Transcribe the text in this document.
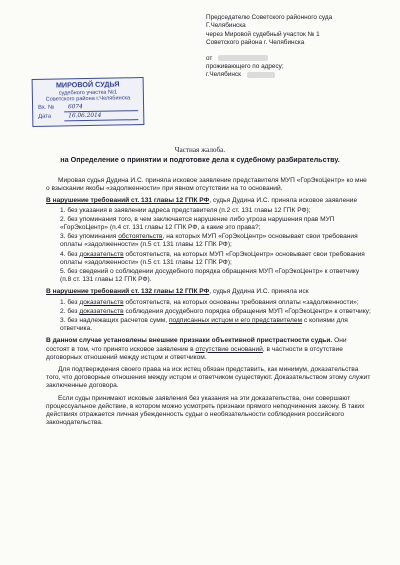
Председателю Советского районного суда
Г.Челябинска
через Мировой судебный участок № 1
Советского района г. Челябинска
от
проживающего по адресу;
г.Челябинск
МИРОВОЙ СУДЬЯ
судебного участка №1
Советского района г.Челябинска
Вх. №	6074
Дата	16.06.2014
Частная жалоба.
на Определение о принятии и подготовке дела к судебному разбирательству.

Мировая судья Дудина И.С. приняла исковое заявление представителя МУП «ГорЭкоЦентр» ко мне о взыскании якобы «задолженности» при явном отсутствии на то оснований.

В нарушение требований ст. 131 главы 12 ГПК РФ, судья Дудина И.С. приняла исковое заявление

1. без указания в заявлении адреса представителя (п.2 ст. 131 главы 12 ГПК РФ);

2. без упоминания того, в чем заключается нарушение либо угроза нарушения прав МУП «ГорЭкоЦентр» (п.4 ст. 131 главы 12 ГПК РФ, а какие это права?;

3. без упоминания обстоятельств, на которых МУП «ГорЭкоЦентр» основывает свои требования оплаты «задолженности» (п.5 ст. 131 главы 12 ГПК РФ);

4. без доказательств обстоятельств, на которых МУП «ГорЭкоЦентр» основывает свои требования оплаты «задолженности» (п.5 ст. 131 главы 12 ГПК РФ);

5. без сведений о соблюдении досудебного порядка обращения МУП «ГорЭкоЦентр» к ответчику (п.8 ст. 131 главы 12 ГПК РФ).

В нарушение требований ст. 132 главы 12 ГПК РФ, судья Дудина И.С. приняла иск

1. без доказательств обстоятельств, на которых основаны требования оплаты «задолженности»;

2. без доказательств соблюдения досудебного порядка обращения МУП «ГорЭкоЦентр» к ответчику;

3. без надлежащих расчетов сумм, подписанных истцом и его представителем с копиями для ответчика.

В данном случае установлены внешние признаки объективной пристрастности судьи. Они состоят в том, что принято исковое заявление в отсутствие оснований, в частности в отсутствие договорных отношений между истцом и ответчиком.

Для подтверждения своего права на иск истец обязан представить, как минимум, доказательства того, что договорные отношения между истцом и ответчиком существуют. Доказательством этому служит заключенные договора.

Если суды принимают исковые заявления без указания на эти доказательства, они совершают процессуальное действие, в котором можно усмотреть признаки прямого неподчинения закону. В таких действиях отражается личная убежденность судьи о необязательности соблюдения российского законодательства.
